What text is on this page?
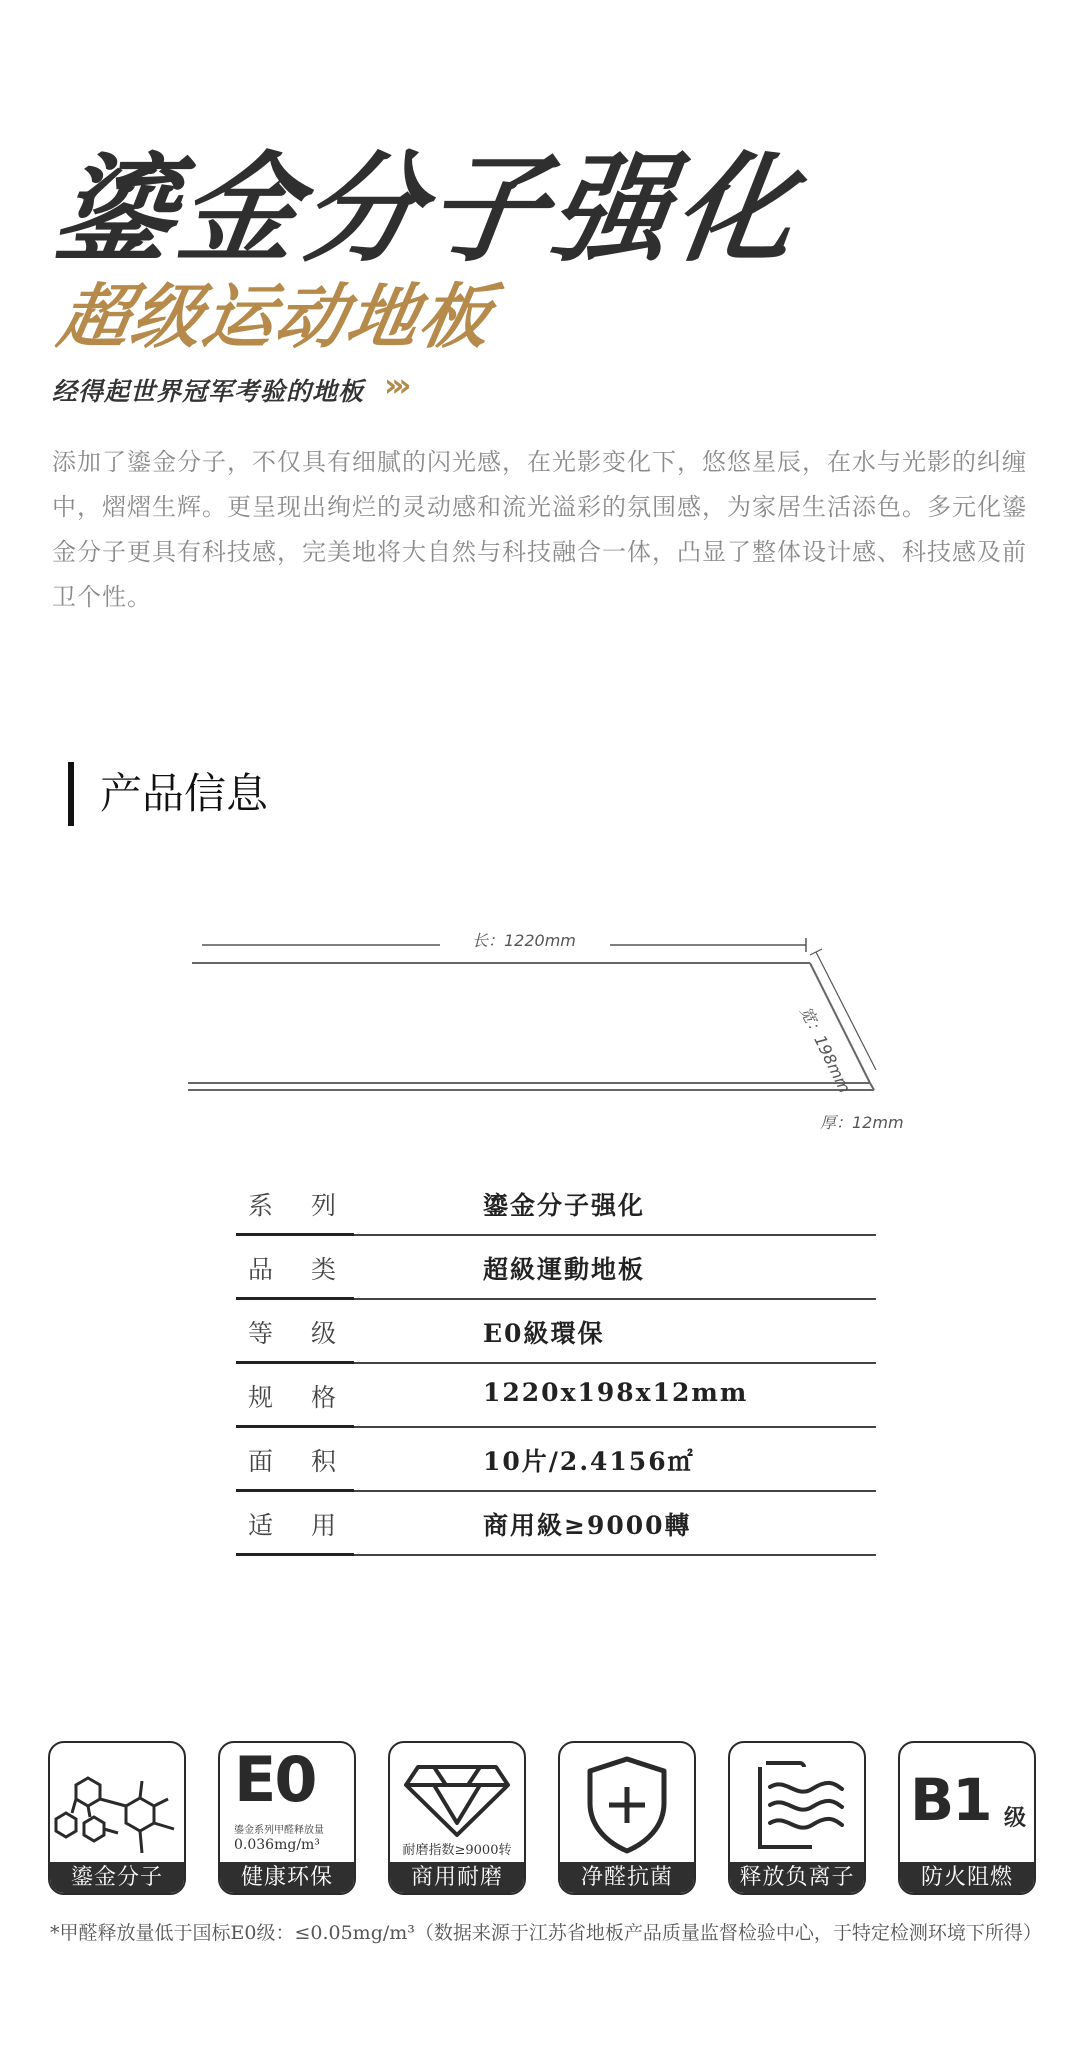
鎏金分子强化
超级运动地板
经得起世界冠军考验的地板 ›››
添加了鎏金分子，不仅具有细腻的闪光感，在光影变化下，悠悠星辰，在水与光影的纠缠中，熠熠生辉。更呈现出绚烂的灵动感和流光溢彩的氛围感，为家居生活添色。多元化鎏金分子更具有科技感，完美地将大自然与科技融合一体，凸显了整体设计感、科技感及前卫个性。
产品信息
长：1220mm
宽：198mm
厚：12mm
系列	鎏金分子强化
品类	超級運動地板
等级	E0級環保
规格	1220x198x12mm
面积	10片/2.4156㎡
适用	商用級≥9000轉
鎏金分子
E0
鎏金系列甲醛释放量
0.036mg/m³
健康环保
耐磨指数≥9000转
商用耐磨	净醛抗菌	释放负离子
B1 级
防火阻燃
*甲醛释放量低于国标E0级：≤0.05mg/m³（数据来源于江苏省地板产品质量监督检验中心，于特定检测环境下所得）
